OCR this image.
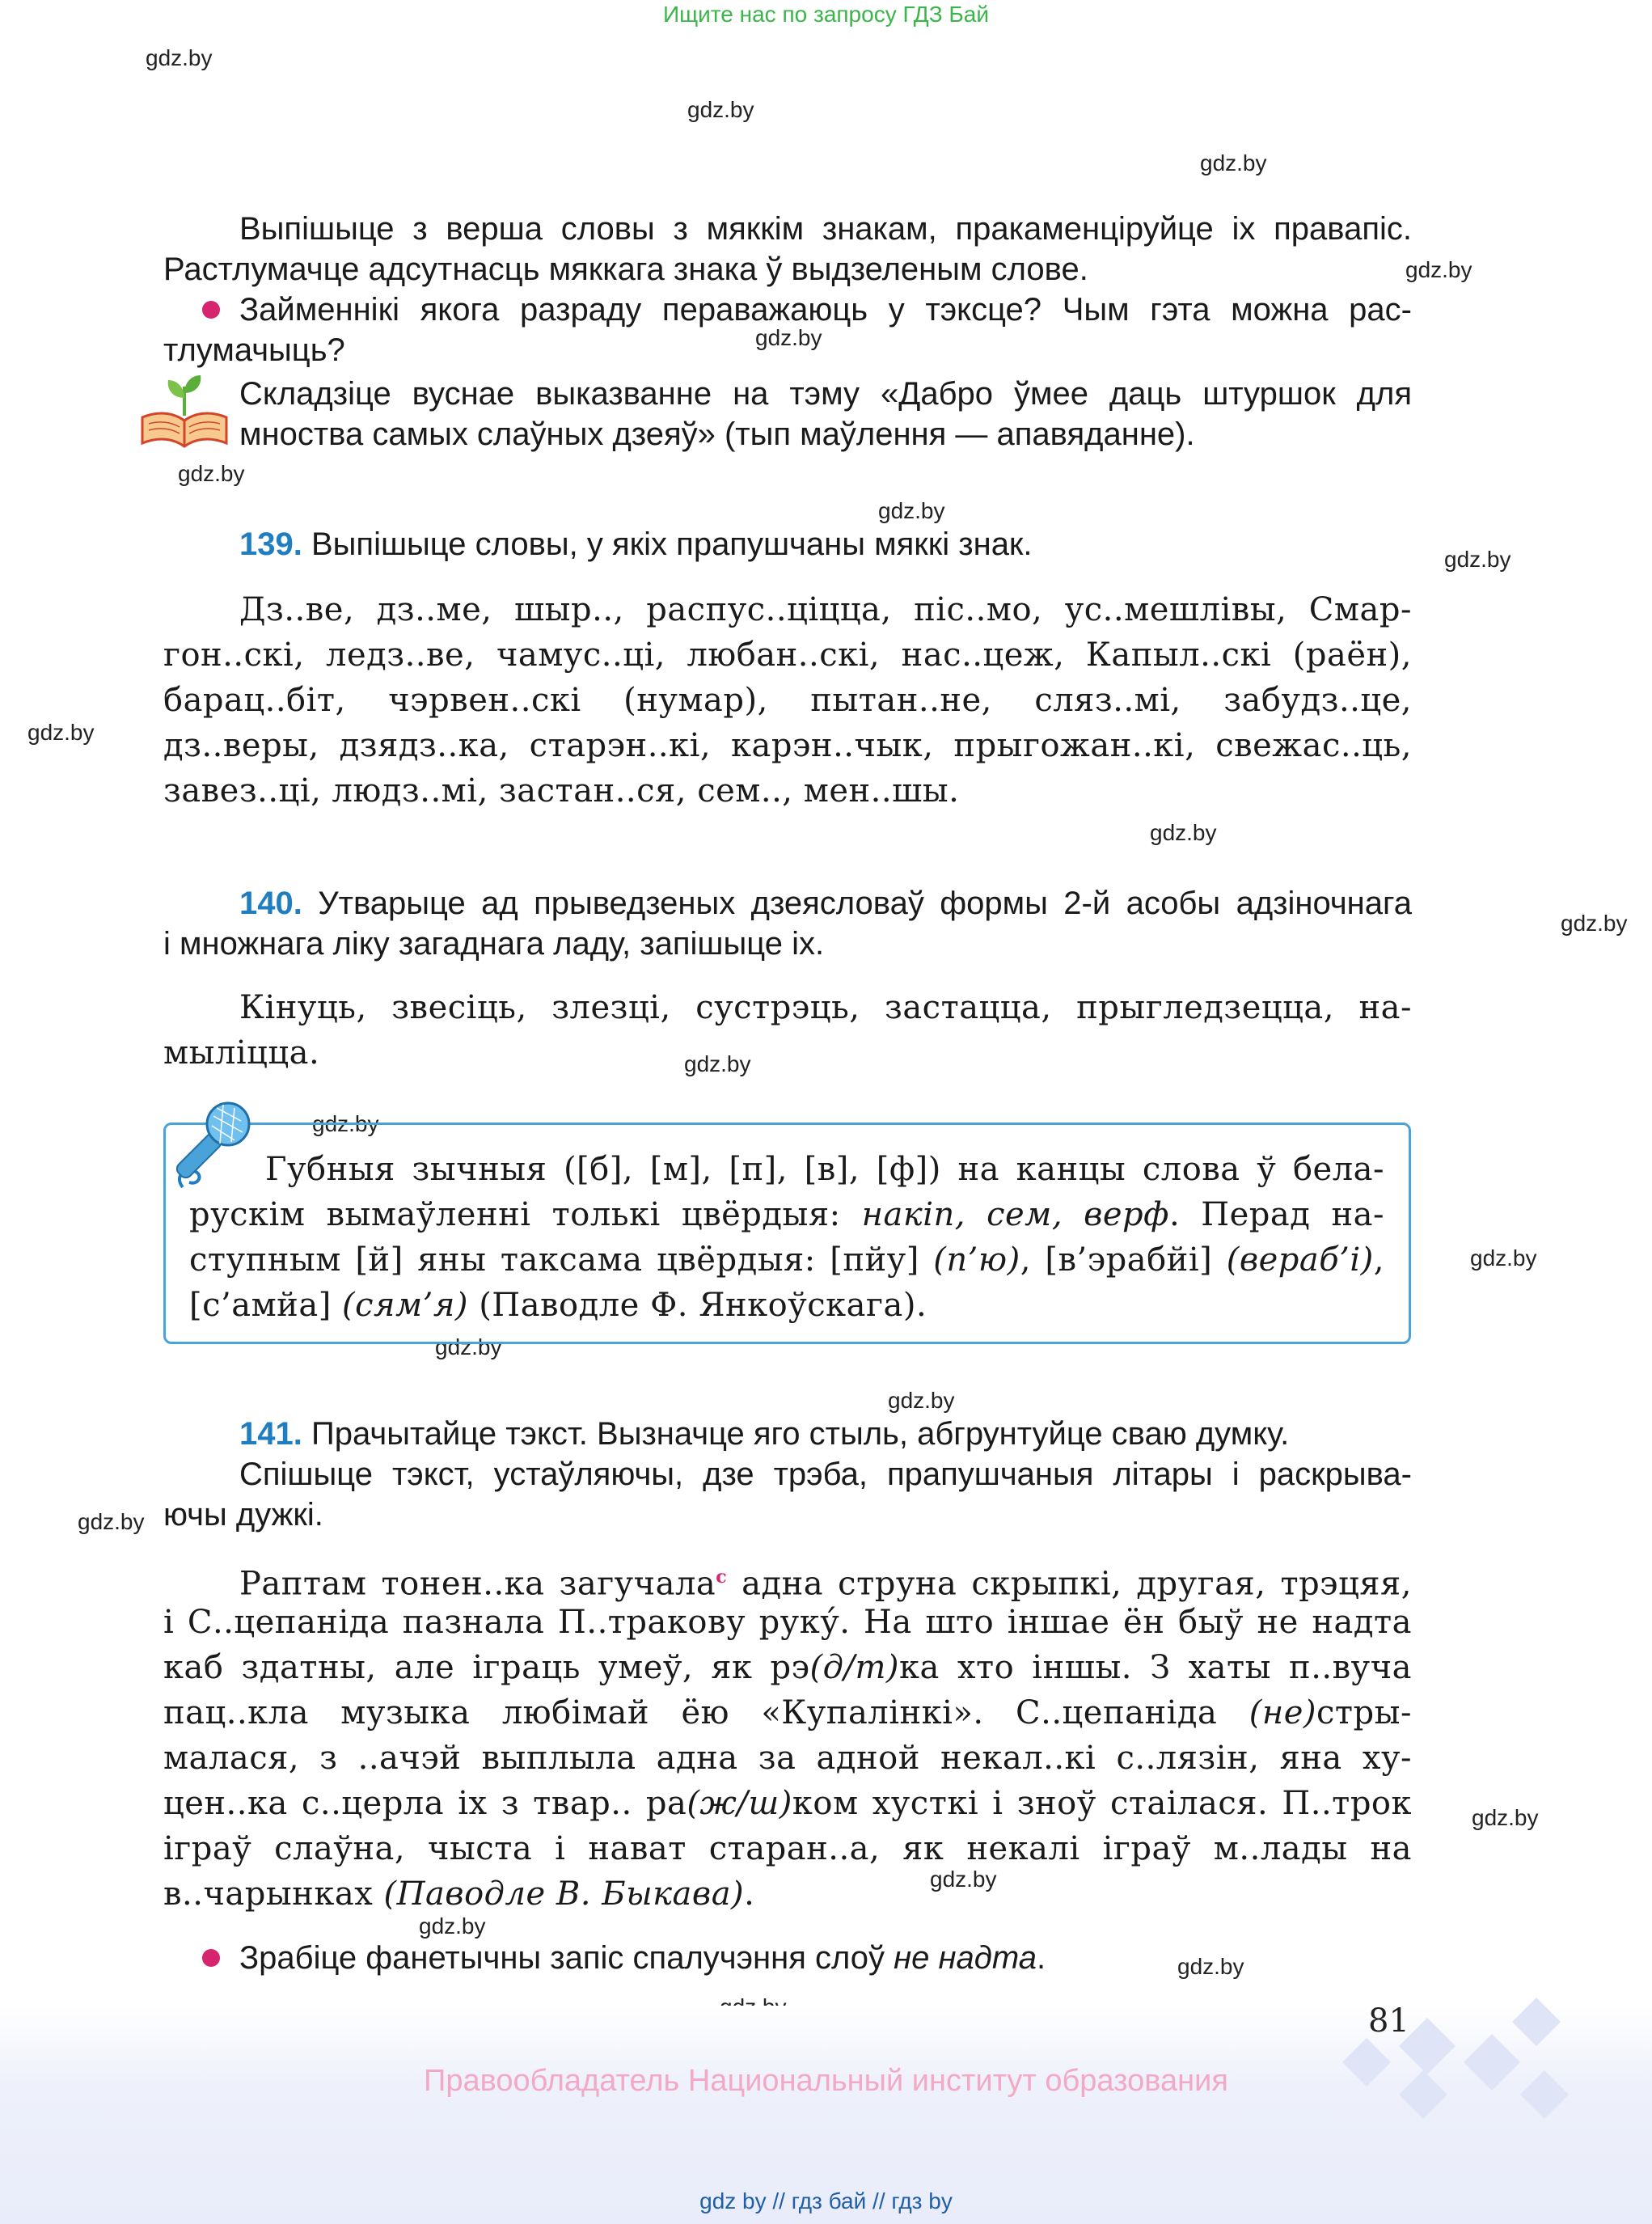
Ищите нас по запросу ГДЗ Бай
gdz.by
gdz.by
gdz.by
gdz.by
gdz.by
gdz.by
gdz.by
gdz.by
gdz.by
gdz.by
gdz.by
gdz.by
gdz.by
gdz.by
gdz.by
gdz.by
gdz.by
gdz.by
gdz.by
gdz.by
gdz.by
Выпішыце з верша словы з мяккім знакам, пракаменціруйце іх правапіс.
Растлумачце адсутнасць мяккага знака ў выдзеленым слове.
Займеннікі якога разраду пераважаюць у тэксце? Чым гэта можна рас-
тлумачыць?
Складзіце вуснае выказванне на тэму «Дабро ўмее даць штуршок для
мноства самых слаўных дзеяў» (тып маўлення — апавяданне).
139. Выпішыце словы, у якіх прапушчаны мяккі знак.
Дз..ве, дз..ме, шыр.., распус..ціцца, піс..мо, ус..мешлівы, Смар-
гон..скі, ледз..ве, чамус..ці, любан..скі, нас..цеж, Капыл..скі (раён),
барац..біт, чэрвен..скі (нумар), пытан..не, сляз..мі, забудз..це,
дз..веры, дзядз..ка, старэн..кі, карэн..чык, прыгожан..кі, свежас..ць,
завез..ці, людз..мі, застан..ся, сем.., мен..шы.
140. Утварыце ад прыведзеных дзеясловаў формы 2-й асобы адзіночнага
і множнага ліку загаднага ладу, запішыце іх.
Кінуць, звесіць, злезці, сустрэць, застацца, прыгледзецца, на-
мыліцца.
Губныя зычныя ([б], [м], [п], [в], [ф]) на канцы слова ў бела-
рускім вымаўленні толькі цвёрдыя: накіп, сем, верф. Перад на-
ступным [й] яны таксама цвёрдыя: [пйу] (п’ю), [в’эрабйі] (вераб’і),
[с’амйа] (сям’я) (Паводле Ф. Янкоўскага).
141. Прачытайце тэкст. Вызначце яго стыль, абгрунтуйце сваю думку.
Спішыце тэкст, устаўляючы, дзе трэба, прапушчаныя літары і раскрыва-
ючы дужкі.
Раптам тонен..ка загучала$^с$ адна струна скрыпкі, другая, трэцяя,
і С..цепаніда пазнала П..тракову руку́. На што іншае ён быў не надта
каб здатны, але іграць умеў, як рэ(д/т)ка хто іншы. З хаты п..вуча
пац..кла музыка любімай ёю «Купалінкі». С..цепаніда (не)стры-
малася, з ..ачэй выплыла адна за адной некал..кі с..лязін, яна ху-
цен..ка с..церла іх з твар.. ра(ж/ш)ком хусткі і зноў стаілася. П..трок
іграў слаўна, чыста і нават старан..а, як некалі іграў м..лады на
в..чарынках (Паводле В. Быкава).
Зрабіце фанетычны запіс спалучэння слоў не надта.
81
Правообладатель Национальный институт образования
gdz by // гдз бай // гдз by
